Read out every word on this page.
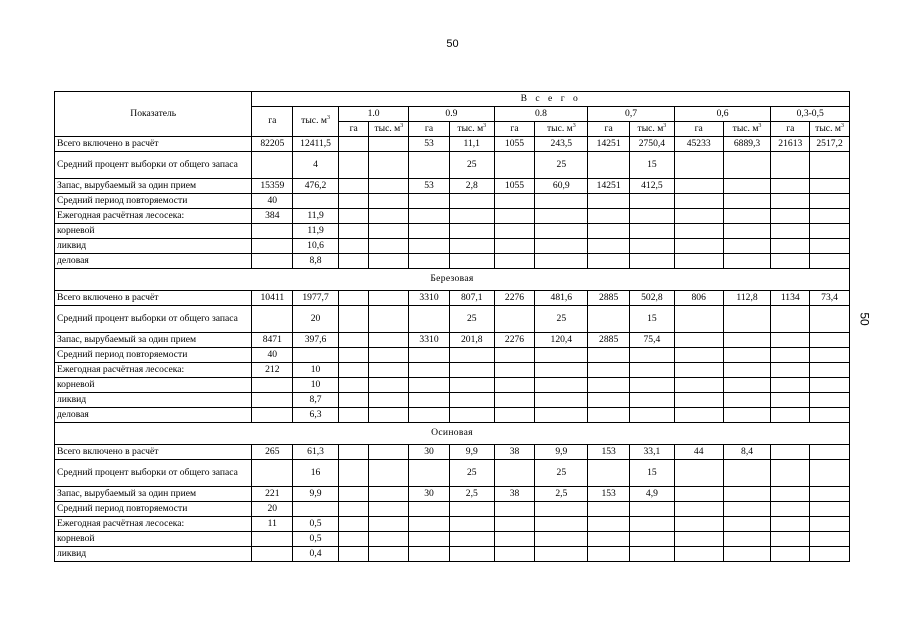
50
50
Показатель	В с е г о													
	га	тыс. $м^3$	1.0		0.9		0.8		0,7		0,6		0,3-0,5	
			га	тыс. $м^3$	га	тыс. $м^3$	га	тыс. $м^3$	га	тыс. $м^3$	га	тыс. $м^3$	га	тыс. $м^3$
Всего включено в расчёт	82205	12411,5			53	11,1	1055	243,5	14251	2750,4	45233	6889,3	21613	2517,2
Средний процент выборки от общего запаса		4				25		25		15				
Запас, вырубаемый за один прием	15359	476,2			53	2,8	1055	60,9	14251	412,5				
Средний период повторяемости	40													
Ежегодная расчётная лесосека:	384	11,9												
корневой		11,9												
ликвид		10,6												
деловая		8,8												
Березовая														
Всего включено в расчёт	10411	1977,7			3310	807,1	2276	481,6	2885	502,8	806	112,8	1134	73,4
Средний процент выборки от общего запаса		20				25		25		15				
Запас, вырубаемый за один прием	8471	397,6			3310	201,8	2276	120,4	2885	75,4				
Средний период повторяемости	40													
Ежегодная расчётная лесосека:	212	10												
корневой		10												
ликвид		8,7												
деловая		6,3												
Осиновая														
Всего включено в расчёт	265	61,3			30	9,9	38	9,9	153	33,1	44	8,4		
Средний процент выборки от общего запаса		16				25		25		15				
Запас, вырубаемый за один прием	221	9,9			30	2,5	38	2,5	153	4,9				
Средний период повторяемости	20													
Ежегодная расчётная лесосека:	11	0,5												
корневой		0,5												
ликвид		0,4												
